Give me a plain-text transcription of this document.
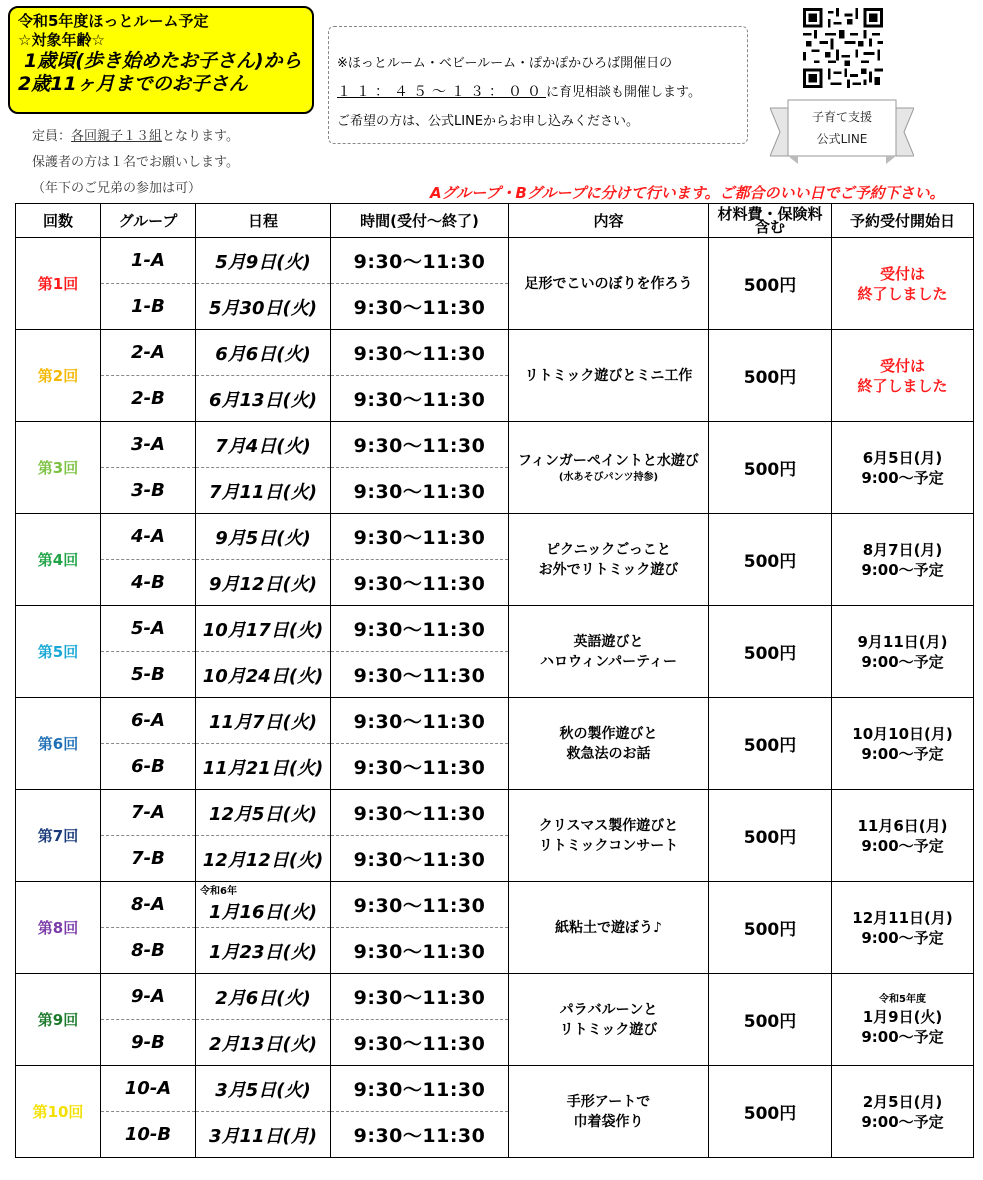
令和5年度ほっとルーム予定
☆対象年齢☆
1歳頃(歩き始めたお子さん)から
2歳11ヶ月までのお子さん
※ほっとルーム・ベビールーム・ぽかぽかひろば開催日の
１１：４５～１３：００に育児相談も開催します。
ご希望の方は、公式LINEからお申し込みください。
定員：各回親子１３組となります。
保護者の方は１名でお願いします。
（年下のご兄弟の参加は可）
子育て支援
公式LINE
Aグループ・Bグループに分けて行います。ご都合のいい日でご予約下さい。
回数	グループ	日程	時間(受付～終了)	内容	材料費・保険料
含む	予約受付開始日
第1回	1-A	5月9日(火)	9:30～11:30	足形でこいのぼりを作ろう	500円	受付は
終了しました
	1-B	5月30日(火)	9:30～11:30			
第2回	2-A	6月6日(火)	9:30～11:30	リトミック遊びとミニ工作	500円	受付は
終了しました
	2-B	6月13日(火)	9:30～11:30			
第3回	3-A	7月4日(火)	9:30～11:30	フィンガーペイントと水遊び
(水あそびパンツ持参)	500円	6月5日(月)
9:00～予定
	3-B	7月11日(火)	9:30～11:30			
第4回	4-A	9月5日(火)	9:30～11:30	ピクニックごっこと
お外でリトミック遊び	500円	8月7日(月)
9:00～予定
	4-B	9月12日(火)	9:30～11:30			
第5回	5-A	10月17日(火)	9:30～11:30	英語遊びと
ハロウィンパーティー	500円	9月11日(月)
9:00～予定
	5-B	10月24日(火)	9:30～11:30			
第6回	6-A	11月7日(火)	9:30～11:30	秋の製作遊びと
救急法のお話	500円	10月10日(月)
9:00～予定
	6-B	11月21日(火)	9:30～11:30			
第7回	7-A	12月5日(火)	9:30～11:30	クリスマス製作遊びと
リトミックコンサート	500円	11月6日(月)
9:00～予定
	7-B	12月12日(火)	9:30～11:30			
第8回	8-A	令和6年
1月16日(火)	9:30～11:30	紙粘土で遊ぼう♪	500円	12月11日(月)
9:00～予定
	8-B	1月23日(火)	9:30～11:30			
第9回	9-A	2月6日(火)	9:30～11:30	パラバルーンと
リトミック遊び	500円	令和5年度
1月9日(火)
9:00～予定
	9-B	2月13日(火)	9:30～11:30			
第10回	10-A	3月5日(火)	9:30～11:30	手形アートで
巾着袋作り	500円	2月5日(月)
9:00～予定
	10-B	3月11日(月)	9:30～11:30			
